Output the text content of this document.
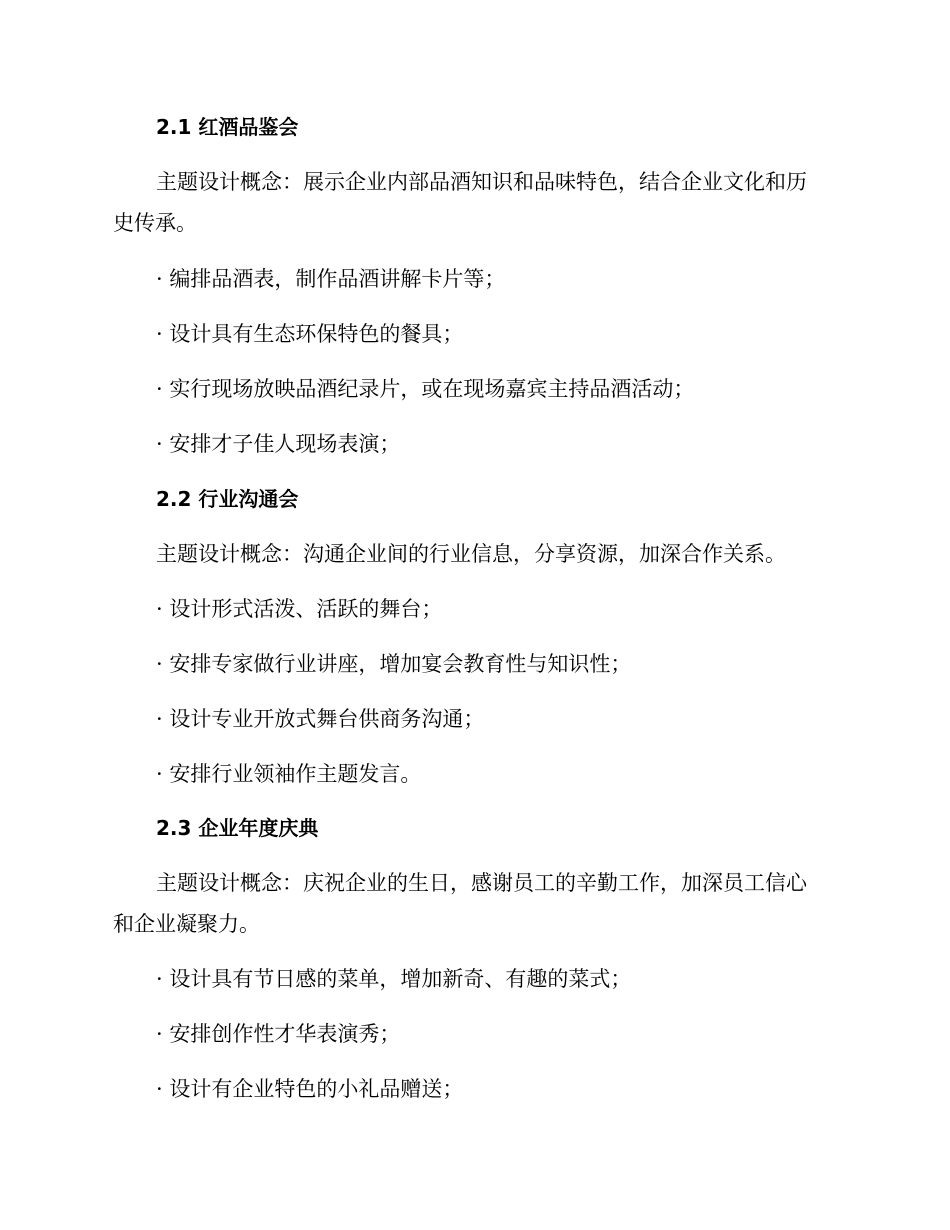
2.1 红酒品鉴会
主题设计概念：展示企业内部品酒知识和品味特色，结合企业文化和历
史传承。
· 编排品酒表，制作品酒讲解卡片等；
· 设计具有生态环保特色的餐具；
· 实行现场放映品酒纪录片，或在现场嘉宾主持品酒活动；
· 安排才子佳人现场表演；
2.2 行业沟通会
主题设计概念：沟通企业间的行业信息，分享资源，加深合作关系。
· 设计形式活泼、活跃的舞台；
· 安排专家做行业讲座，增加宴会教育性与知识性；
· 设计专业开放式舞台供商务沟通；
· 安排行业领袖作主题发言。
2.3 企业年度庆典
主题设计概念：庆祝企业的生日，感谢员工的辛勤工作，加深员工信心
和企业凝聚力。
· 设计具有节日感的菜单，增加新奇、有趣的菜式；
· 安排创作性才华表演秀；
· 设计有企业特色的小礼品赠送；
